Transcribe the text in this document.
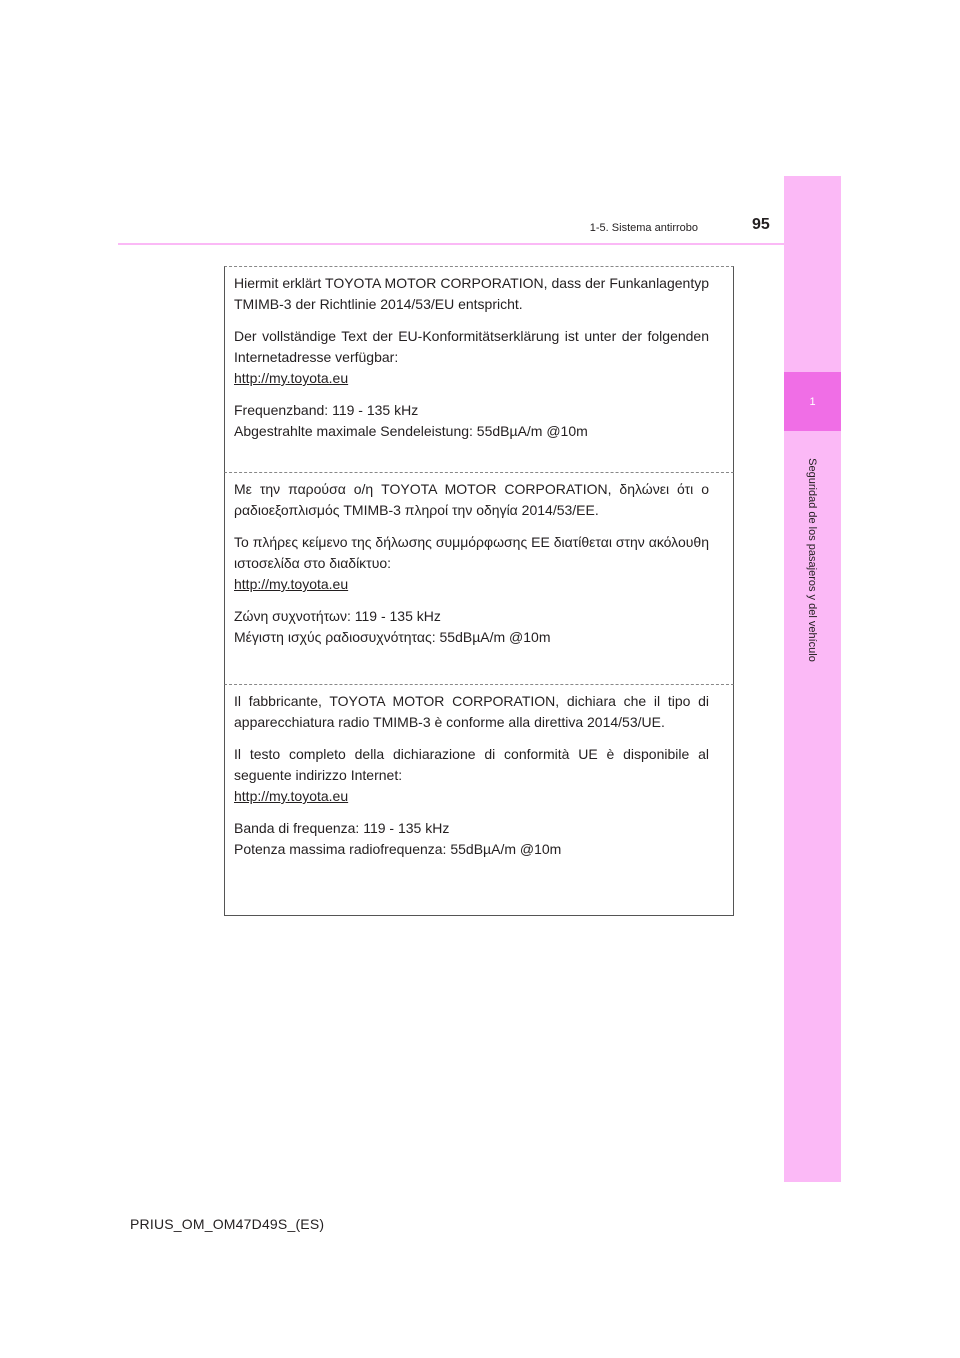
1
Seguridad de los pasajeros y del vehículo
1-5. Sistema antirrobo	95

Hiermit erklärt TOYOTA MOTOR CORPORATION, dass der Funkanlagentyp TMIMB-3 der Richtlinie 2014/53/EU entspricht.

Der vollständige Text der EU-Konformitätserklärung ist unter der folgenden Internetadresse verfügbar:
http://my.toyota.eu

Frequenzband: 119 - 135 kHz
Abgestrahlte maximale Sendeleistung: 55dBµA/m @10m

Με την παρούσα ο/η TOYOTA MOTOR CORPORATION, δηλώνει ότι ο ραδιοεξοπλισμός TMIMB-3 πληροί την οδηγία 2014/53/ΕΕ.

Το πλήρες κείμενο της δήλωσης συμμόρφωσης ΕΕ διατίθεται στην ακόλουθη ιστοσελίδα στο διαδίκτυο:
http://my.toyota.eu

Ζώνη συχνοτήτων: 119 - 135 kHz
Μέγιστη ισχύς ραδιοσυχνότητας: 55dBµA/m @10m

Il fabbricante, TOYOTA MOTOR CORPORATION, dichiara che il tipo di apparecchiatura radio TMIMB-3 è conforme alla direttiva 2014/53/UE.

Il testo completo della dichiarazione di conformità UE è disponibile al seguente indirizzo Internet:
http://my.toyota.eu

Banda di frequenza: 119 - 135 kHz
Potenza massima radiofrequenza: 55dBµA/m @10m

PRIUS_OM_OM47D49S_(ES)
